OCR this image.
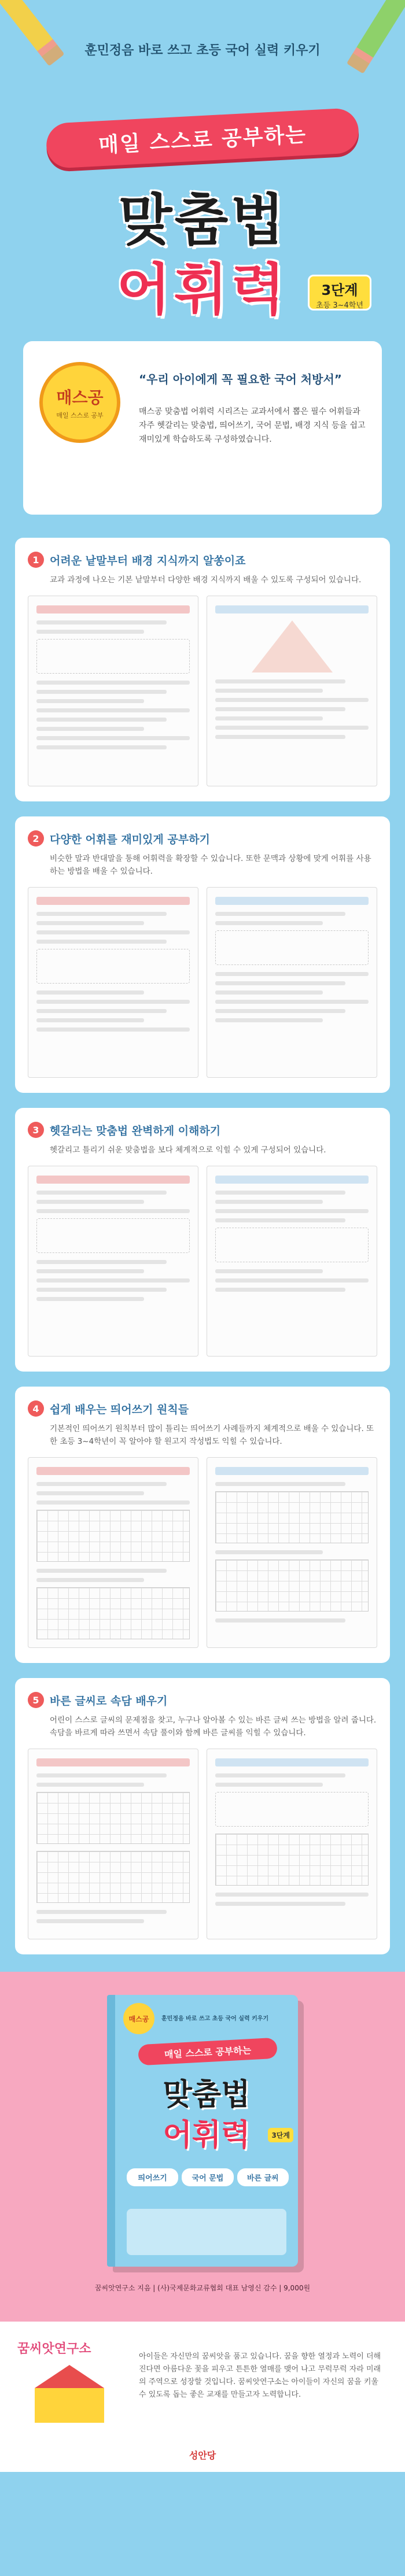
훈민정음 바로 쓰고 초등 국어 실력 키우기
매일 스스로 공부하는
맞춤법
어휘력	3단계
초등 3~4학년
매스공
매일 스스로 공부
“우리 아이에게 꼭 필요한 국어 처방서”
매스공 맞춤법 어휘력 시리즈는 교과서에서 뽑은 필수 어휘들과 자주 헷갈리는 맞춤법, 띄어쓰기, 국어 문법, 배경 지식 등을 쉽고 재미있게 학습하도록 구성하였습니다.
1 어려운 낱말부터 배경 지식까지 알쏭이죠
교과 과정에 나오는 기본 낱말부터 다양한 배경 지식까지 배울 수 있도록 구성되어 있습니다.
2 다양한 어휘를 재미있게 공부하기
비슷한 말과 반대말을 통해 어휘력을 확장할 수 있습니다. 또한 문맥과 상황에 맞게 어휘를 사용하는 방법을 배울 수 있습니다.
3 헷갈리는 맞춤법 완벽하게 이해하기
헷갈리고 틀리기 쉬운 맞춤법을 보다 체계적으로 익힐 수 있게 구성되어 있습니다.
4 쉽게 배우는 띄어쓰기 원칙들
기본적인 띄어쓰기 원칙부터 많이 틀리는 띄어쓰기 사례들까지 체계적으로 배울 수 있습니다. 또한 초등 3~4학년이 꼭 알아야 할 원고지 작성법도 익힐 수 있습니다.
5 바른 글씨로 속담 배우기
어린이 스스로 글씨의 문제점을 찾고, 누구나 알아볼 수 있는 바른 글씨 쓰는 방법을 알려 줍니다. 속담을 바르게 따라 쓰면서 속담 풀이와 함께 바른 글씨를 익힐 수 있습니다.
매스공	훈민정음 바로 쓰고 초등 국어 실력 키우기
매일 스스로 공부하는
맞춤법
어휘력	3단계
띄어쓰기	국어 문법	바른 글씨
꿈씨앗연구소 지음 | (사)국제문화교류협회 대표 남영신 감수 | 9,000원
꿈씨앗연구소
아이들은 자신만의 꿈씨앗을 품고 있습니다. 꿈을 향한 열정과 노력이 더해진다면 아름다운 꽃을 피우고 튼튼한 열매를 맺어 나고 무럭무럭 자라 미래의 주역으로 성장할 것입니다. 꿈씨앗연구소는 아이들이 자신의 꿈을 키울 수 있도록 돕는 좋은 교재를 만들고자 노력합니다.
성안당
